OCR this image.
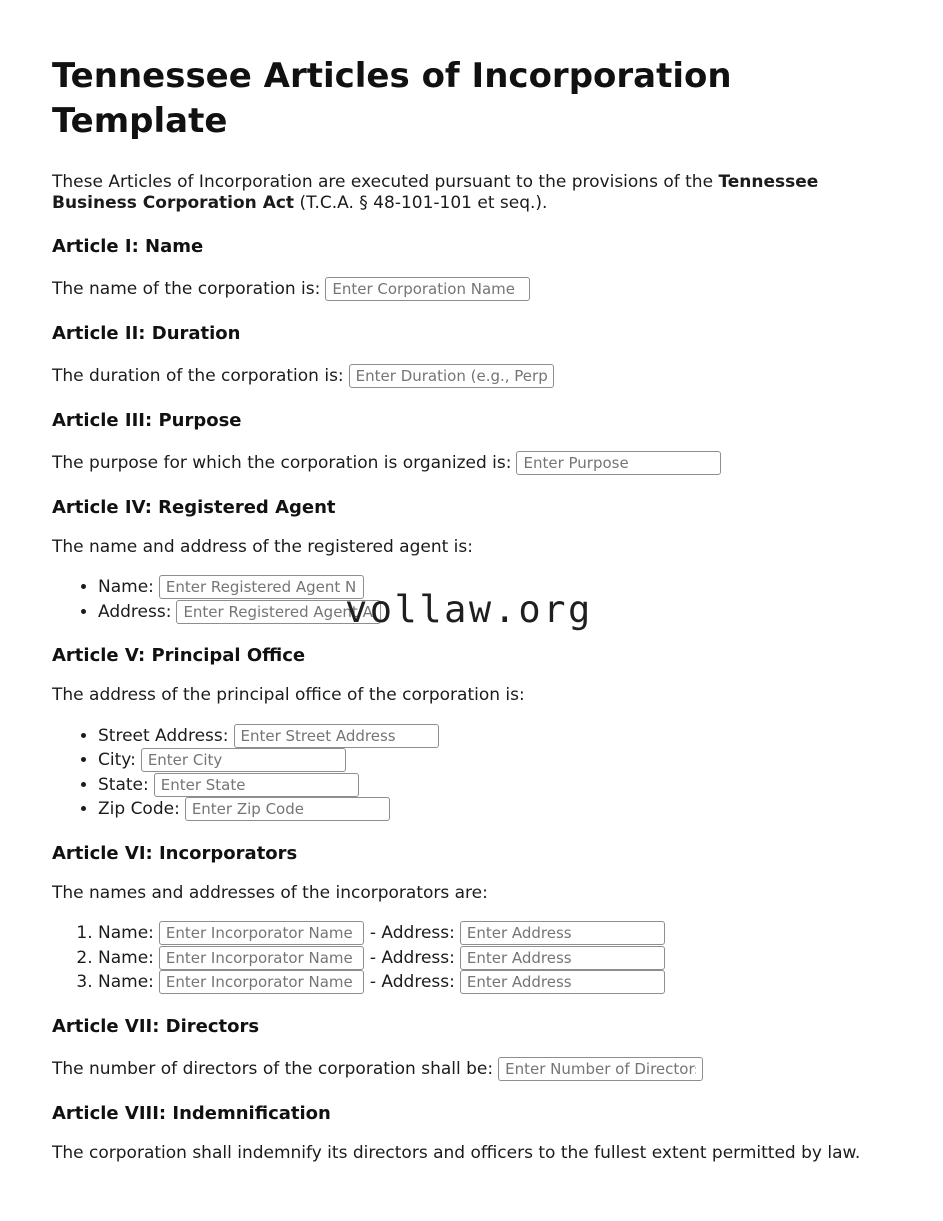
vollaw.org
Tennessee Articles of Incorporation Template

These Articles of Incorporation are executed pursuant to the provisions of the Tennessee Business Corporation Act (T.C.A. § 48-101-101 et seq.).

Article I: Name
The name of the corporation is:Enter Corporation Name
Article II: Duration
The duration of the corporation is:Enter Duration (e.g., Perpe
Article III: Purpose
The purpose for which the corporation is organized is:Enter Purpose
Article IV: Registered Agent

The name and address of the registered agent is:

• Name:Enter Registered Agent Na
• Address:Enter Registered Agent Ad
Article V: Principal Office

The address of the principal office of the corporation is:

• Street Address:Enter Street Address
• City:Enter City
• State:Enter State
• Zip Code:Enter Zip Code
Article VI: Incorporators

The names and addresses of the incorporators are:

1. Name:Enter Incorporator Name	- Address:Enter Address
2. Name:Enter Incorporator Name	- Address:Enter Address
3. Name:Enter Incorporator Name	- Address:Enter Address
Article VII: Directors
The number of directors of the corporation shall be:Enter Number of Directors
Article VIII: Indemnification

The corporation shall indemnify its directors and officers to the fullest extent permitted by law.
